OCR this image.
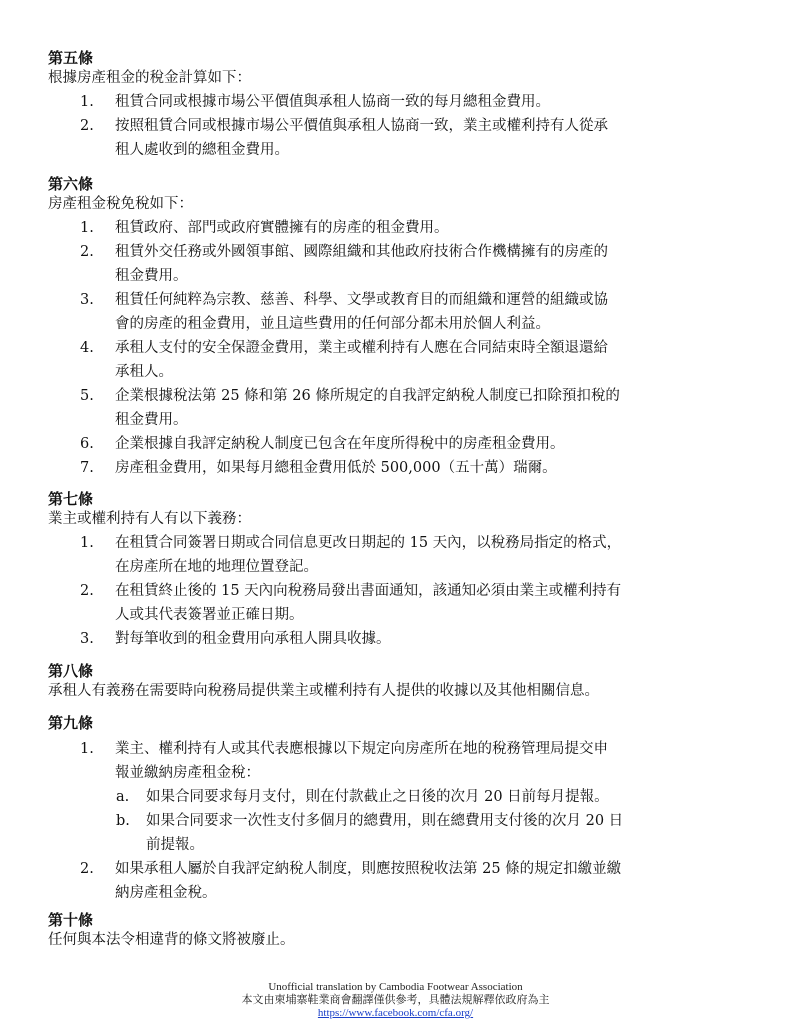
第五條
根據房產租金的稅金計算如下：
1. 租賃合同或根據市場公平價值與承租人協商一致的每月總租金費用。
2. 按照租賃合同或根據市場公平價值與承租人協商一致，業主或權利持有人從承
租人處收到的總租金費用。
第六條
房產租金稅免稅如下：
1. 租賃政府、部門或政府實體擁有的房產的租金費用。
2. 租賃外交任務或外國領事館、國際組織和其他政府技術合作機構擁有的房產的
租金費用。
3. 租賃任何純粹為宗教、慈善、科學、文學或教育目的而組織和運營的組織或協
會的房產的租金費用，並且這些費用的任何部分都未用於個人利益。
4. 承租人支付的安全保證金費用，業主或權利持有人應在合同結束時全額退還給
承租人。
5. 企業根據稅法第 25 條和第 26 條所規定的自我評定納稅人制度已扣除預扣稅的
租金費用。
6. 企業根據自我評定納稅人制度已包含在年度所得稅中的房產租金費用。
7. 房產租金費用，如果每月總租金費用低於 500,000（五十萬）瑞爾。
第七條
業主或權利持有人有以下義務：
1. 在租賃合同簽署日期或合同信息更改日期起的 15 天內，以稅務局指定的格式，
在房產所在地的地理位置登記。
2. 在租賃終止後的 15 天內向稅務局發出書面通知，該通知必須由業主或權利持有
人或其代表簽署並正確日期。
3. 對每筆收到的租金費用向承租人開具收據。
第八條
承租人有義務在需要時向稅務局提供業主或權利持有人提供的收據以及其他相關信息。
第九條
1. 業主、權利持有人或其代表應根據以下規定向房產所在地的稅務管理局提交申
報並繳納房產租金稅：
a. 如果合同要求每月支付，則在付款截止之日後的次月 20 日前每月提報。
b. 如果合同要求一次性支付多個月的總費用，則在總費用支付後的次月 20 日
前提報。
2. 如果承租人屬於自我評定納稅人制度，則應按照稅收法第 25 條的規定扣繳並繳
納房產租金稅。
第十條
任何與本法令相違背的條文將被廢止。
Unofficial translation by Cambodia Footwear Association
本文由柬埔寨鞋業商會翻譯僅供參考，具體法規解釋依政府為主
https://www.facebook.com/cfa.org/
